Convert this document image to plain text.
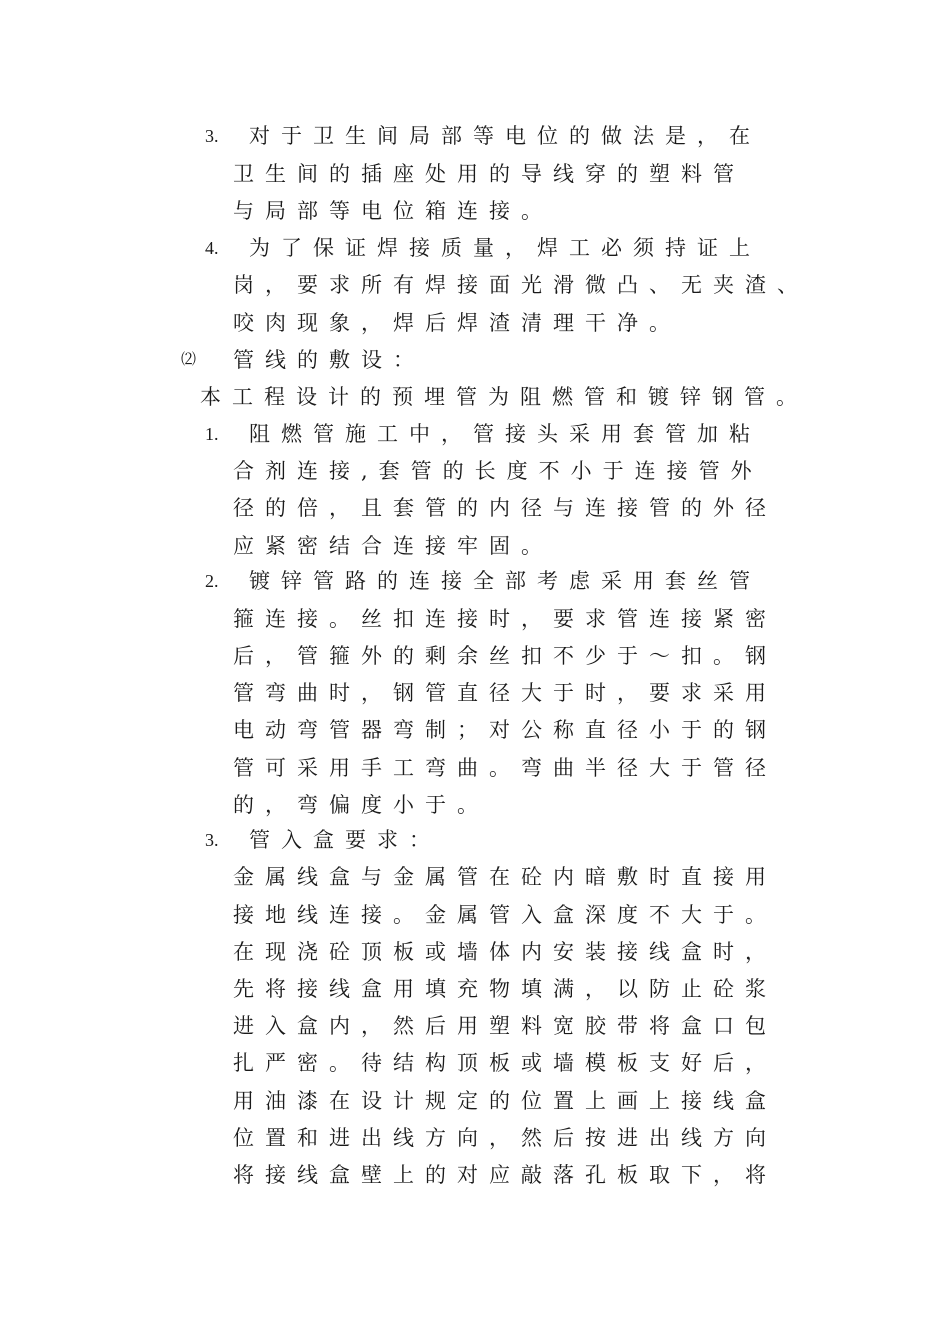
3. 对于卫生间局部等电位的做法是，在
卫生间的插座处用的导线穿的塑料管
与局部等电位箱连接。
4. 为了保证焊接质量，焊工必须持证上
岗，要求所有焊接面光滑微凸、无夹渣、
咬肉现象，焊后焊渣清理干净。
⑵ 管线的敷设：
本工程设计的预埋管为阻燃管和镀锌钢管。
1. 阻燃管施工中，管接头采用套管加粘
合剂连接,套管的长度不小于连接管外
径的倍，且套管的内径与连接管的外径
应紧密结合连接牢固。
2. 镀锌管路的连接全部考虑采用套丝管
箍连接。丝扣连接时，要求管连接紧密
后，管箍外的剩余丝扣不少于～扣。钢
管弯曲时，钢管直径大于时，要求采用
电动弯管器弯制；对公称直径小于的钢
管可采用手工弯曲。弯曲半径大于管径
的，弯偏度小于。
3. 管入盒要求：
金属线盒与金属管在砼内暗敷时直接用
接地线连接。金属管入盒深度不大于。
在现浇砼顶板或墙体内安装接线盒时，
先将接线盒用填充物填满，以防止砼浆
进入盒内，然后用塑料宽胶带将盒口包
扎严密。待结构顶板或墙模板支好后，
用油漆在设计规定的位置上画上接线盒
位置和进出线方向，然后按进出线方向
将接线盒壁上的对应敲落孔板取下，将
